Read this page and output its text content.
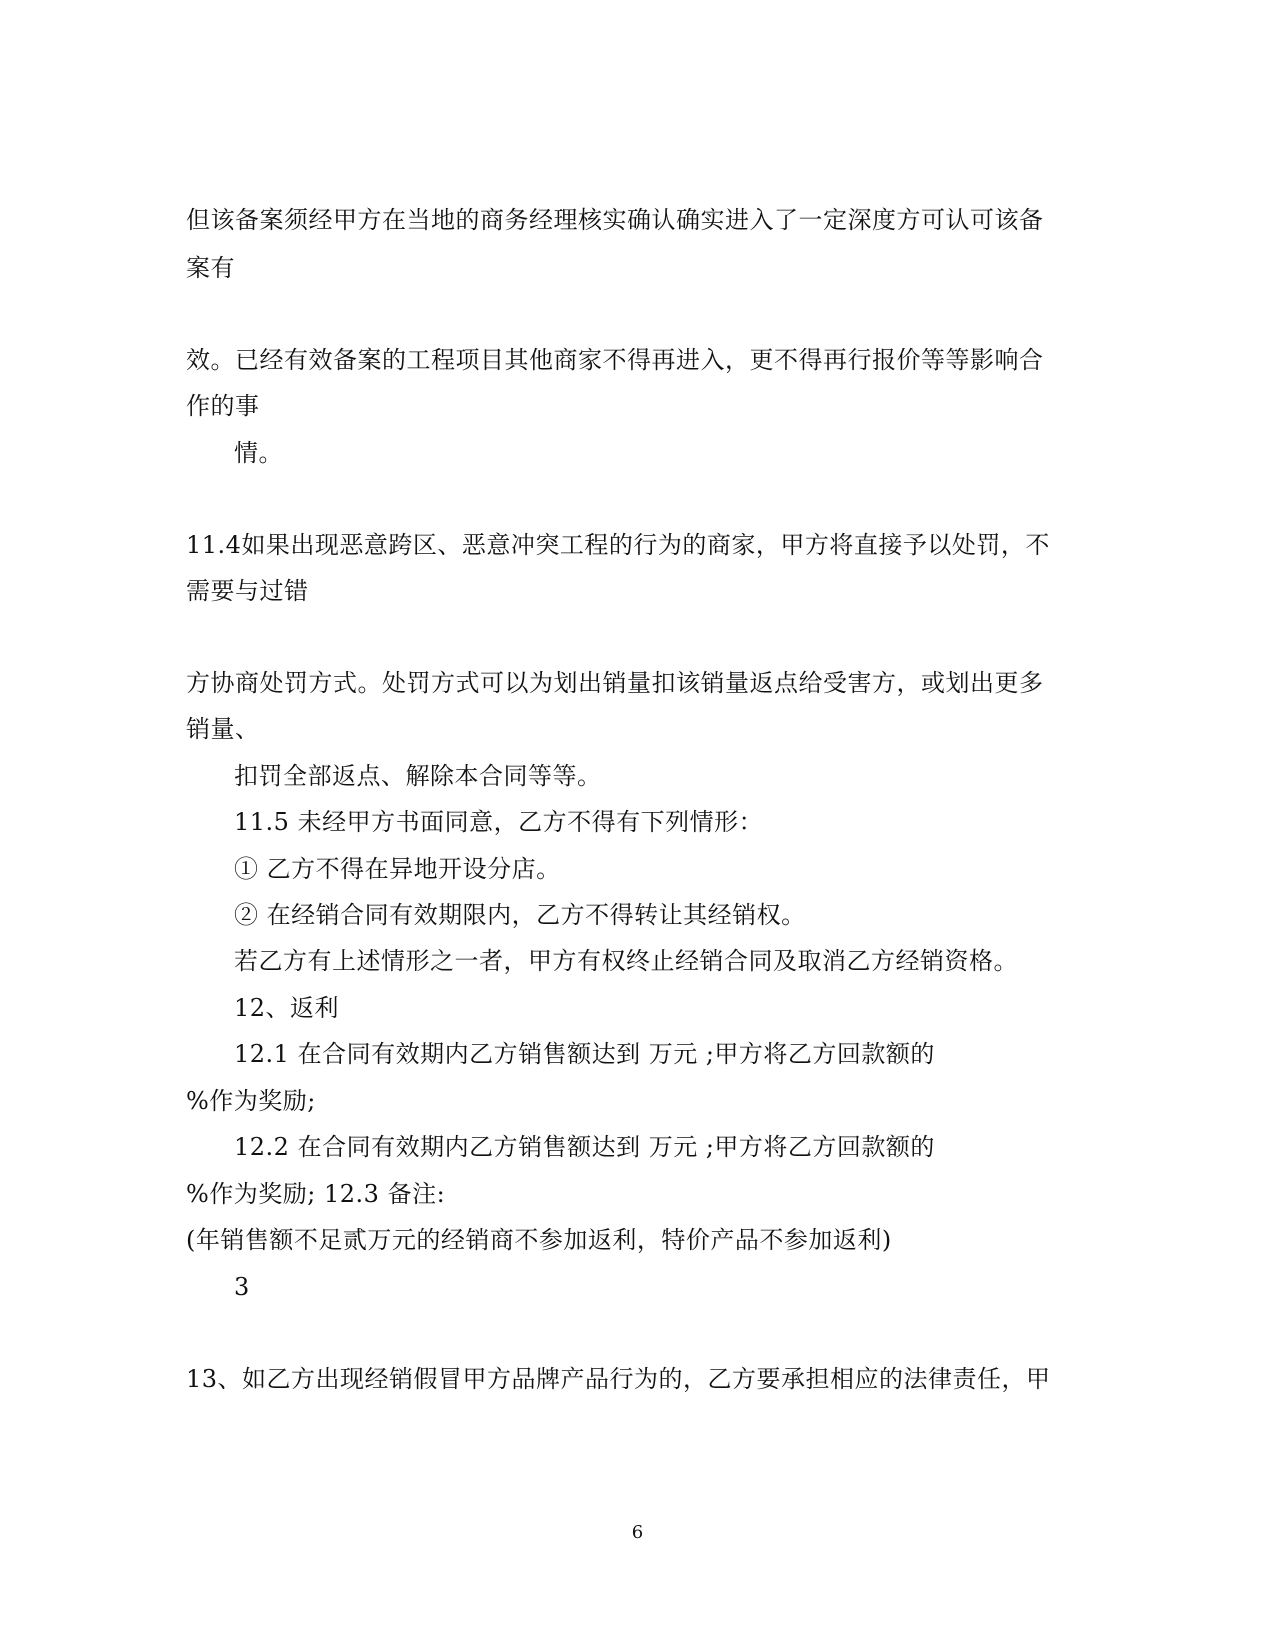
但该备案须经甲方在当地的商务经理核实确认确实进入了一定深度方可认可该备
案有
效。已经有效备案的工程项目其他商家不得再进入，更不得再行报价等等影响合
作的事
情。
11.4如果出现恶意跨区、恶意冲突工程的行为的商家，甲方将直接予以处罚，不
需要与过错
方协商处罚方式。处罚方式可以为划出销量扣该销量返点给受害方，或划出更多
销量、
扣罚全部返点、解除本合同等等。
11.5 未经甲方书面同意，乙方不得有下列情形：
① 乙方不得在异地开设分店。
② 在经销合同有效期限内，乙方不得转让其经销权。
若乙方有上述情形之一者，甲方有权终止经销合同及取消乙方经销资格。
12、返利
12.1 在合同有效期内乙方销售额达到 万元 ;甲方将乙方回款额的
%作为奖励;
12.2 在合同有效期内乙方销售额达到 万元 ;甲方将乙方回款额的
%作为奖励; 12.3 备注:
(年销售额不足贰万元的经销商不参加返利，特价产品不参加返利)
3
13、如乙方出现经销假冒甲方品牌产品行为的，乙方要承担相应的法律责任，甲
6
